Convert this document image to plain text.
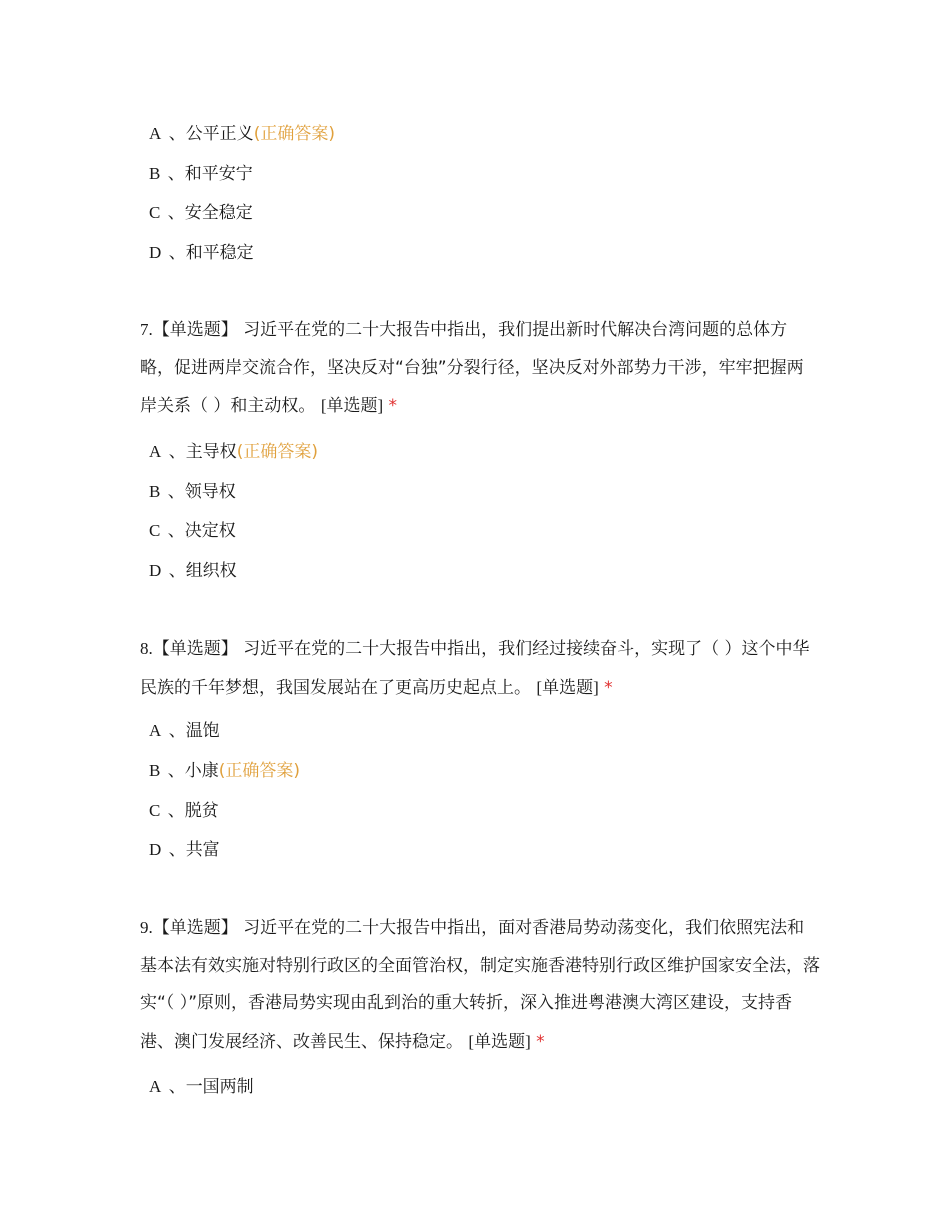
A 、公平正义(正确答案)
B 、和平安宁
C 、安全稳定
D 、和平稳定
7.【单选题】 习近平在党的二十大报告中指出，我们提出新时代解决台湾问题的总体方略，促进两岸交流合作，坚决反对“台独”分裂行径，坚决反对外部势力干涉，牢牢把握两岸关系（ ）和主动权。 [单选题] *
A 、主导权(正确答案)
B 、领导权
C 、决定权
D 、组织权
8.【单选题】 习近平在党的二十大报告中指出，我们经过接续奋斗，实现了（ ）这个中华民族的千年梦想，我国发展站在了更高历史起点上。 [单选题] *
A 、温饱
B 、小康(正确答案)
C 、脱贫
D 、共富
9.【单选题】 习近平在党的二十大报告中指出，面对香港局势动荡变化，我们依照宪法和基本法有效实施对特别行政区的全面管治权，制定实施香港特别行政区维护国家安全法，落实“（ ）”原则，香港局势实现由乱到治的重大转折，深入推进粤港澳大湾区建设，支持香港、澳门发展经济、改善民生、保持稳定。 [单选题] *
A 、一国两制
